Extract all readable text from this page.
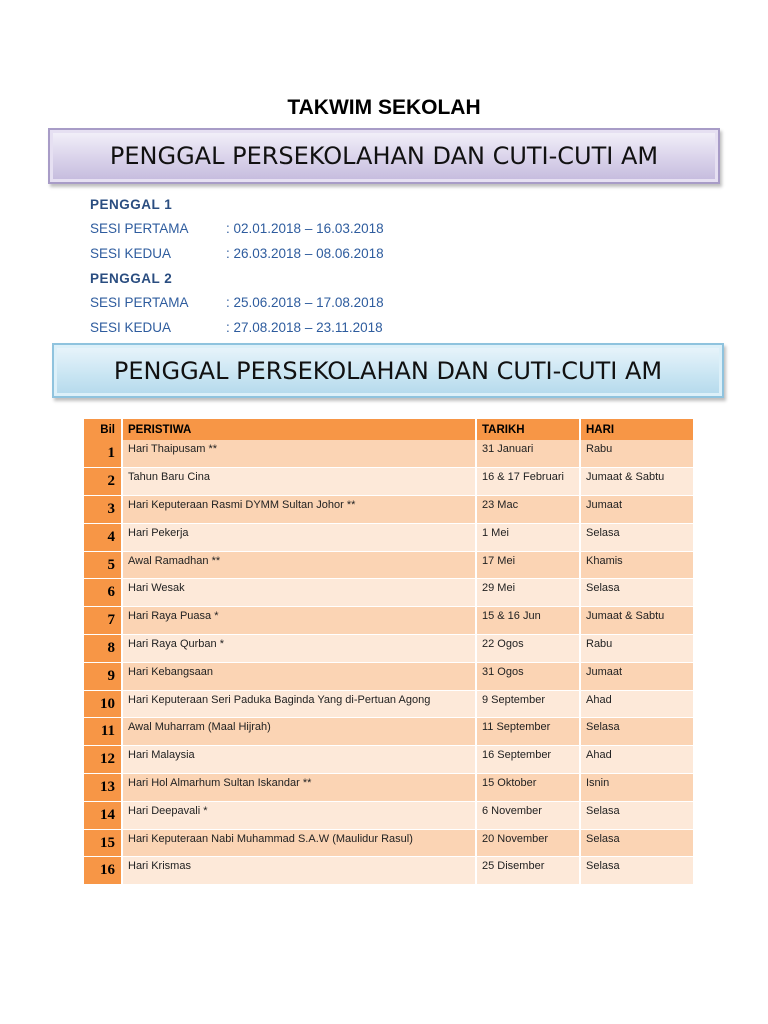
TAKWIM SEKOLAH
PENGGAL PERSEKOLAHAN DAN CUTI-CUTI AM
PENGGAL 1
SESI PERTAMA	: 02.01.2018 – 16.03.2018
SESI KEDUA	: 26.03.2018 – 08.06.2018
PENGGAL 2
SESI PERTAMA	: 25.06.2018 – 17.08.2018
SESI KEDUA	: 27.08.2018 – 23.11.2018
PENGGAL PERSEKOLAHAN DAN CUTI-CUTI AM
Bil	PERISTIWA	TARIKH	HARI
1	Hari Thaipusam **	31 Januari	Rabu
2	Tahun Baru Cina	16 & 17 Februari	Jumaat & Sabtu
3	Hari Keputeraan Rasmi DYMM Sultan Johor **	23 Mac	Jumaat
4	Hari Pekerja	1 Mei	Selasa
5	Awal Ramadhan **	17 Mei	Khamis
6	Hari Wesak	29 Mei	Selasa
7	Hari Raya Puasa *	15 & 16 Jun	Jumaat & Sabtu
8	Hari Raya Qurban *	22 Ogos	Rabu
9	Hari Kebangsaan	31 Ogos	Jumaat
10	Hari Keputeraan Seri Paduka Baginda Yang di-Pertuan Agong	9 September	Ahad
11	Awal Muharram (Maal Hijrah)	11 September	Selasa
12	Hari Malaysia	16 September	Ahad
13	Hari Hol Almarhum Sultan Iskandar **	15 Oktober	Isnin
14	Hari Deepavali *	6 November	Selasa
15	Hari Keputeraan Nabi Muhammad S.A.W (Maulidur Rasul)	20 November	Selasa
16	Hari Krismas	25 Disember	Selasa
